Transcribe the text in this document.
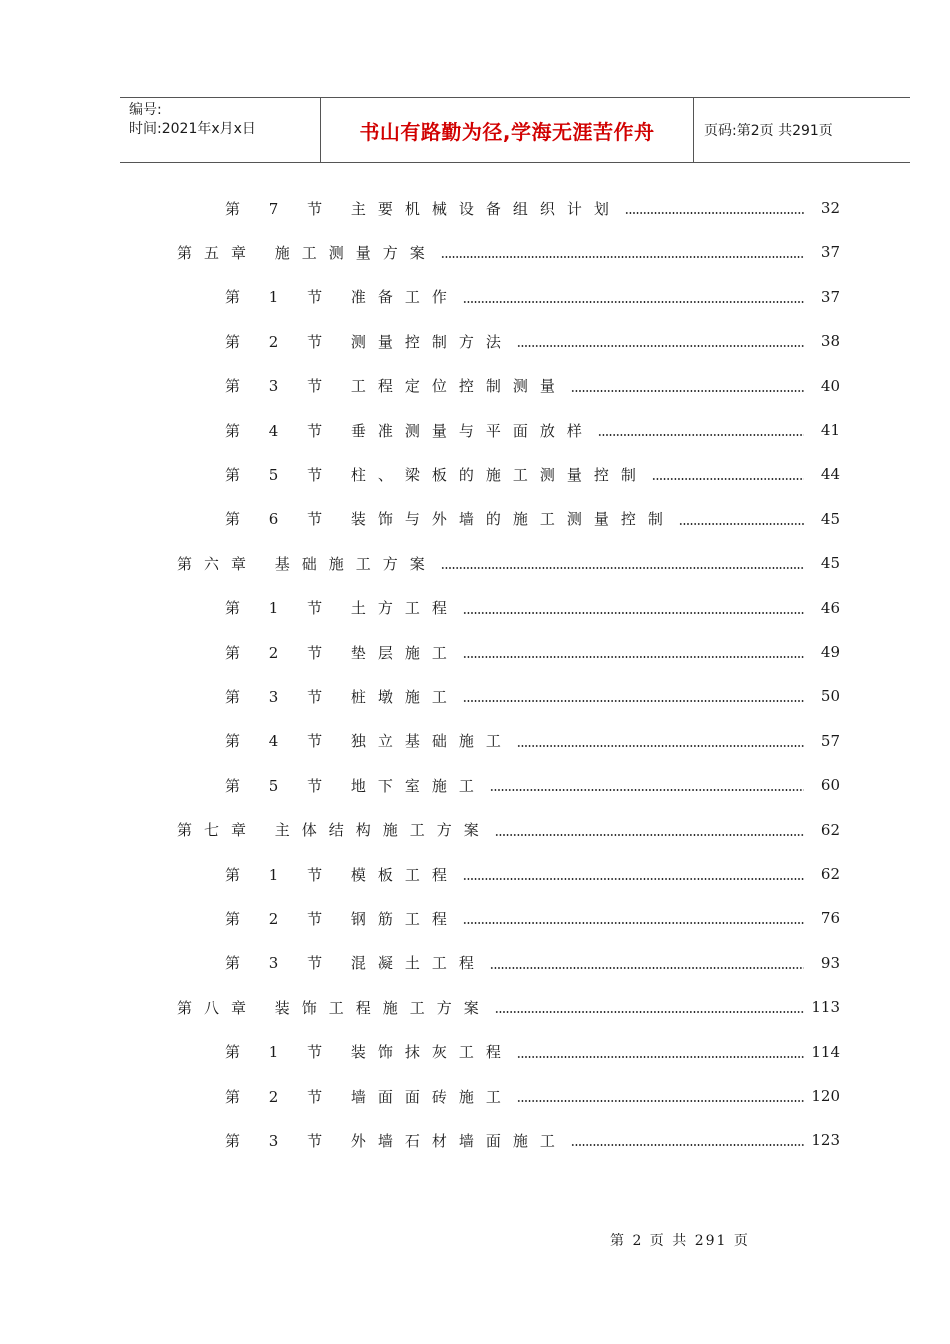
编号:
时间:2021年x月x日	书山有路勤为径,学海无涯苦作舟	页码:第2页 共291页
第 7 节 主要机械设备组织计划	32
第五章 施工测量方案	37
第 1 节 准备工作	37
第 2 节 测量控制方法	38
第 3 节 工程定位控制测量	40
第 4 节 垂准测量与平面放样	41
第 5 节 柱、梁板的施工测量控制	44
第 6 节 装饰与外墙的施工测量控制	45
第六章 基础施工方案	45
第 1 节 土方工程	46
第 2 节 垫层施工	49
第 3 节 桩墩施工	50
第 4 节 独立基础施工	57
第 5 节 地下室施工	60
第七章 主体结构施工方案	62
第 1 节 模板工程	62
第 2 节 钢筋工程	76
第 3 节 混凝土工程	93
第八章 装饰工程施工方案	113
第 1 节 装饰抹灰工程	114
第 2 节 墙面面砖施工	120
第 3 节 外墙石材墙面施工	123
第 2 页 共 291 页
